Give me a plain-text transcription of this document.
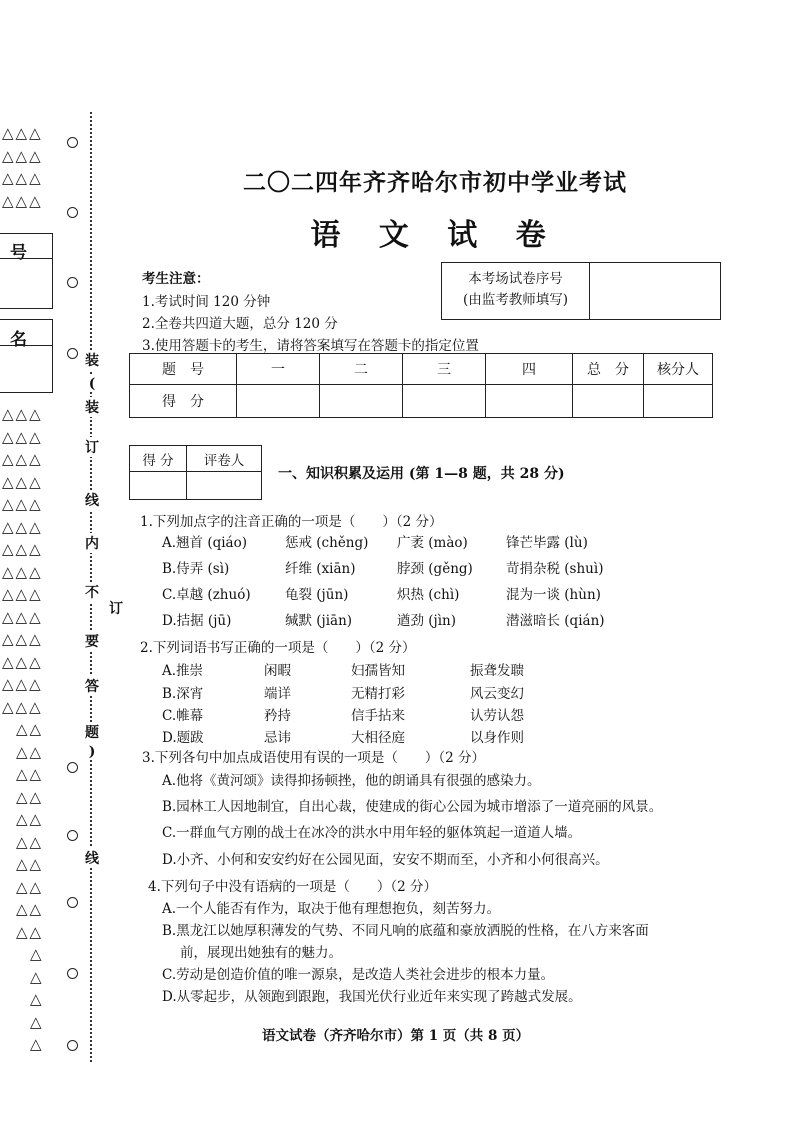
△△△
△△△
△△△
△△△
△△△
△△△
△△△
△△△
△△△
△△△
△△△
△△△
△△△
△△△
△△△
△△△
△△△
△△△
△△
△△
△△
△△
△△
△△
△△
△△
△△
△△
△
△
△
△
△
号
名
装
(
装
订
线
内
不
要
答
题
)
订
线
二〇二四年齐齐哈尔市初中学业考试
语 文 试 卷
考生注意：
1.考试时间 120 分钟
2.全卷共四道大题，总分 120 分
3.使用答题卡的考生，请将答案填写在答题卡的指定位置
本考场试卷序号
(由监考教师填写)
题　号	一	二	三	四	总　分	核分人
得　分						
得 分	评卷人

一、知识积累及运用 (第 1—8 题，共 28 分)
1.下列加点字的注音正确的一项是（　　）（2 分）
A.翘首 (qiáo)	惩戒 (chěng) 广袤 (mào)	锋芒毕露 (lù)
B.侍弄 (sì)	纤维 (xiān)	脖颈 (gěng) 苛捐杂税 (shuì)
C.卓越 (zhuó)	龟裂 (jūn)	炽热 (chì)	混为一谈 (hùn)
D.拮据 (jū)	缄默 (jiān)	遒劲 (jìn)	潜滋暗长 (qián)
2.下列词语书写正确的一项是（　　）（2 分）
A.推崇	闲暇	妇孺皆知	振聋发聩
B.深宵	端详	无精打彩	风云变幻
C.帷幕	矜持	信手拈来	认劳认怨
D.题跋	忌讳	大相径庭	以身作则
3.下列各句中加点成语使用有误的一项是（　　）（2 分）
A.他将《黄河颂》读得抑扬顿挫，他的朗诵具有很强的感染力。
B.园林工人因地制宜，自出心裁，使建成的街心公园为城市增添了一道亮丽的风景。
C.一群血气方刚的战士在冰冷的洪水中用年轻的躯体筑起一道道人墙。
D.小齐、小何和安安约好在公园见面，安安不期而至，小齐和小何很高兴。
4.下列句子中没有语病的一项是（　　）（2 分）
A.一个人能否有作为，取决于他有理想抱负，刻苦努力。
B.黑龙江以她厚积薄发的气势、不同凡响的底蕴和豪放洒脱的性格，在八方来客面
前，展现出她独有的魅力。
C.劳动是创造价值的唯一源泉，是改造人类社会进步的根本力量。
D.从零起步，从领跑到跟跑，我国光伏行业近年来实现了跨越式发展。
语文试卷（齐齐哈尔市）第 1 页（共 8 页）
